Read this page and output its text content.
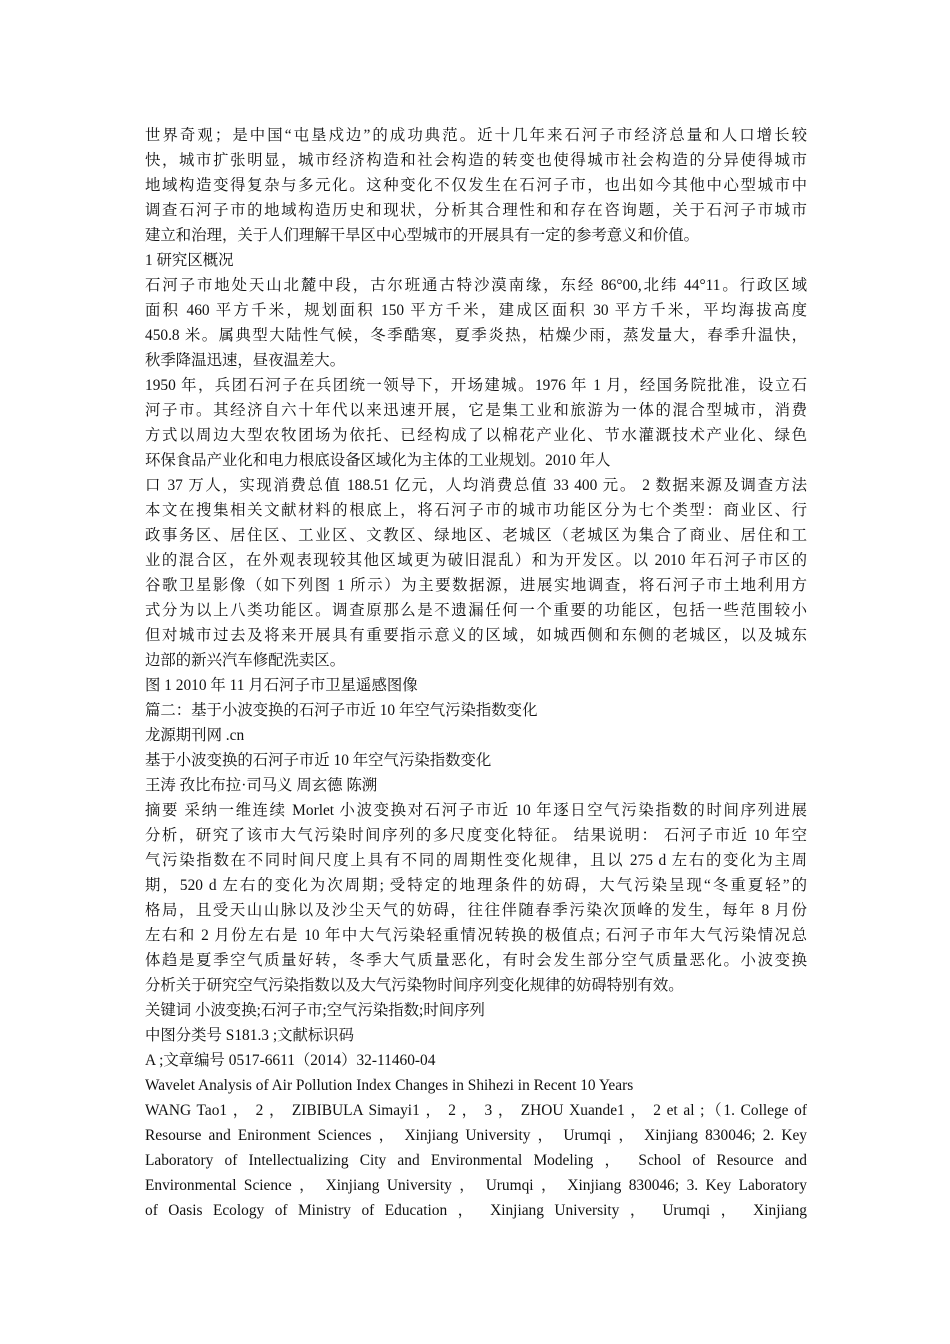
世界奇观；是中国“屯垦戍边”的成功典范。近十几年来石河子市经济总量和人口增长较
快，城市扩张明显，城市经济构造和社会构造的转变也使得城市社会构造的分异使得城市
地域构造变得复杂与多元化。这种变化不仅发生在石河子市，也出如今其他中心型城市中
调查石河子市的地域构造历史和现状，分析其合理性和和存在咨询题，关于石河子市城市
建立和治理，关于人们理解干旱区中心型城市的开展具有一定的参考意义和价值。
1 研究区概况
石河子市地处天山北麓中段，古尔班通古特沙漠南缘，东经 86°00,北纬 44°11。行政区域
面积 460 平方千米，规划面积 150 平方千米，建成区面积 30 平方千米，平均海拔高度
450.8 米。属典型大陆性气候，冬季酷寒，夏季炎热，枯燥少雨，蒸发量大，春季升温快，
秋季降温迅速，昼夜温差大。
1950 年，兵团石河子在兵团统一领导下，开场建城。1976 年 1 月，经国务院批准，设立石
河子市。其经济自六十年代以来迅速开展，它是集工业和旅游为一体的混合型城市，消费
方式以周边大型农牧团场为依托、已经构成了以棉花产业化、节水灌溉技术产业化、绿色
环保食品产业化和电力根底设备区域化为主体的工业规划。2010 年人
口 37 万人，实现消费总值 188.51 亿元，人均消费总值 33 400 元。 2 数据来源及调查方法
本文在搜集相关文献材料的根底上，将石河子市的城市功能区分为七个类型：商业区、行
政事务区、居住区、工业区、文教区、绿地区、老城区（老城区为集合了商业、居住和工
业的混合区，在外观表现较其他区域更为破旧混乱）和为开发区。以 2010 年石河子市区的
谷歌卫星影像（如下列图 1 所示）为主要数据源，进展实地调查，将石河子市土地利用方
式分为以上八类功能区。调查原那么是不遗漏任何一个重要的功能区，包括一些范围较小
但对城市过去及将来开展具有重要指示意义的区域，如城西侧和东侧的老城区，以及城东
边部的新兴汽车修配洗卖区。
图 1 2010 年 11 月石河子市卫星遥感图像
篇二：基于小波变换的石河子市近 10 年空气污染指数变化
龙源期刊网 .cn
基于小波变换的石河子市近 10 年空气污染指数变化
王涛 孜比布拉·司马义 周玄德 陈溯
摘要 采纳一维连续 Morlet 小波变换对石河子市近 10 年逐日空气污染指数的时间序列进展
分析，研究了该市大气污染时间序列的多尺度变化特征。 结果说明： 石河子市近 10 年空
气污染指数在不同时间尺度上具有不同的周期性变化规律，且以 275 d 左右的变化为主周
期，520 d 左右的变化为次周期; 受特定的地理条件的妨碍，大气污染呈现“冬重夏轻”的
格局，且受天山山脉以及沙尘天气的妨碍，往往伴随春季污染次顶峰的发生，每年 8 月份
左右和 2 月份左右是 10 年中大气污染轻重情况转换的极值点; 石河子市年大气污染情况总
体趋是夏季空气质量好转，冬季大气质量恶化，有时会发生部分空气质量恶化。小波变换
分析关于研究空气污染指数以及大气污染物时间序列变化规律的妨碍特别有效。
关键词 小波变换;石河子市;空气污染指数;时间序列
中图分类号 S181.3 ;文献标识码
A ;文章编号 0517-6611（2014）32-11460-04
Wavelet Analysis of Air Pollution Index Changes in Shihezi in Recent 10 Years
WANG Tao1 ， 2 ， ZIBIBULA Simayi1 ， 2 ， 3 ， ZHOU Xuande1 ， 2 et al ;（1. College of
Resourse and Enironment Sciences ， Xinjiang University ， Urumqi ， Xinjiang 830046; 2. Key
Laboratory of Intellectualizing City and Environmental Modeling ， School of Resource and
Environmental Science ， Xinjiang University ， Urumqi ， Xinjiang 830046; 3. Key Laboratory
of Oasis Ecology of Ministry of Education ， Xinjiang University ， Urumqi ， Xinjiang
